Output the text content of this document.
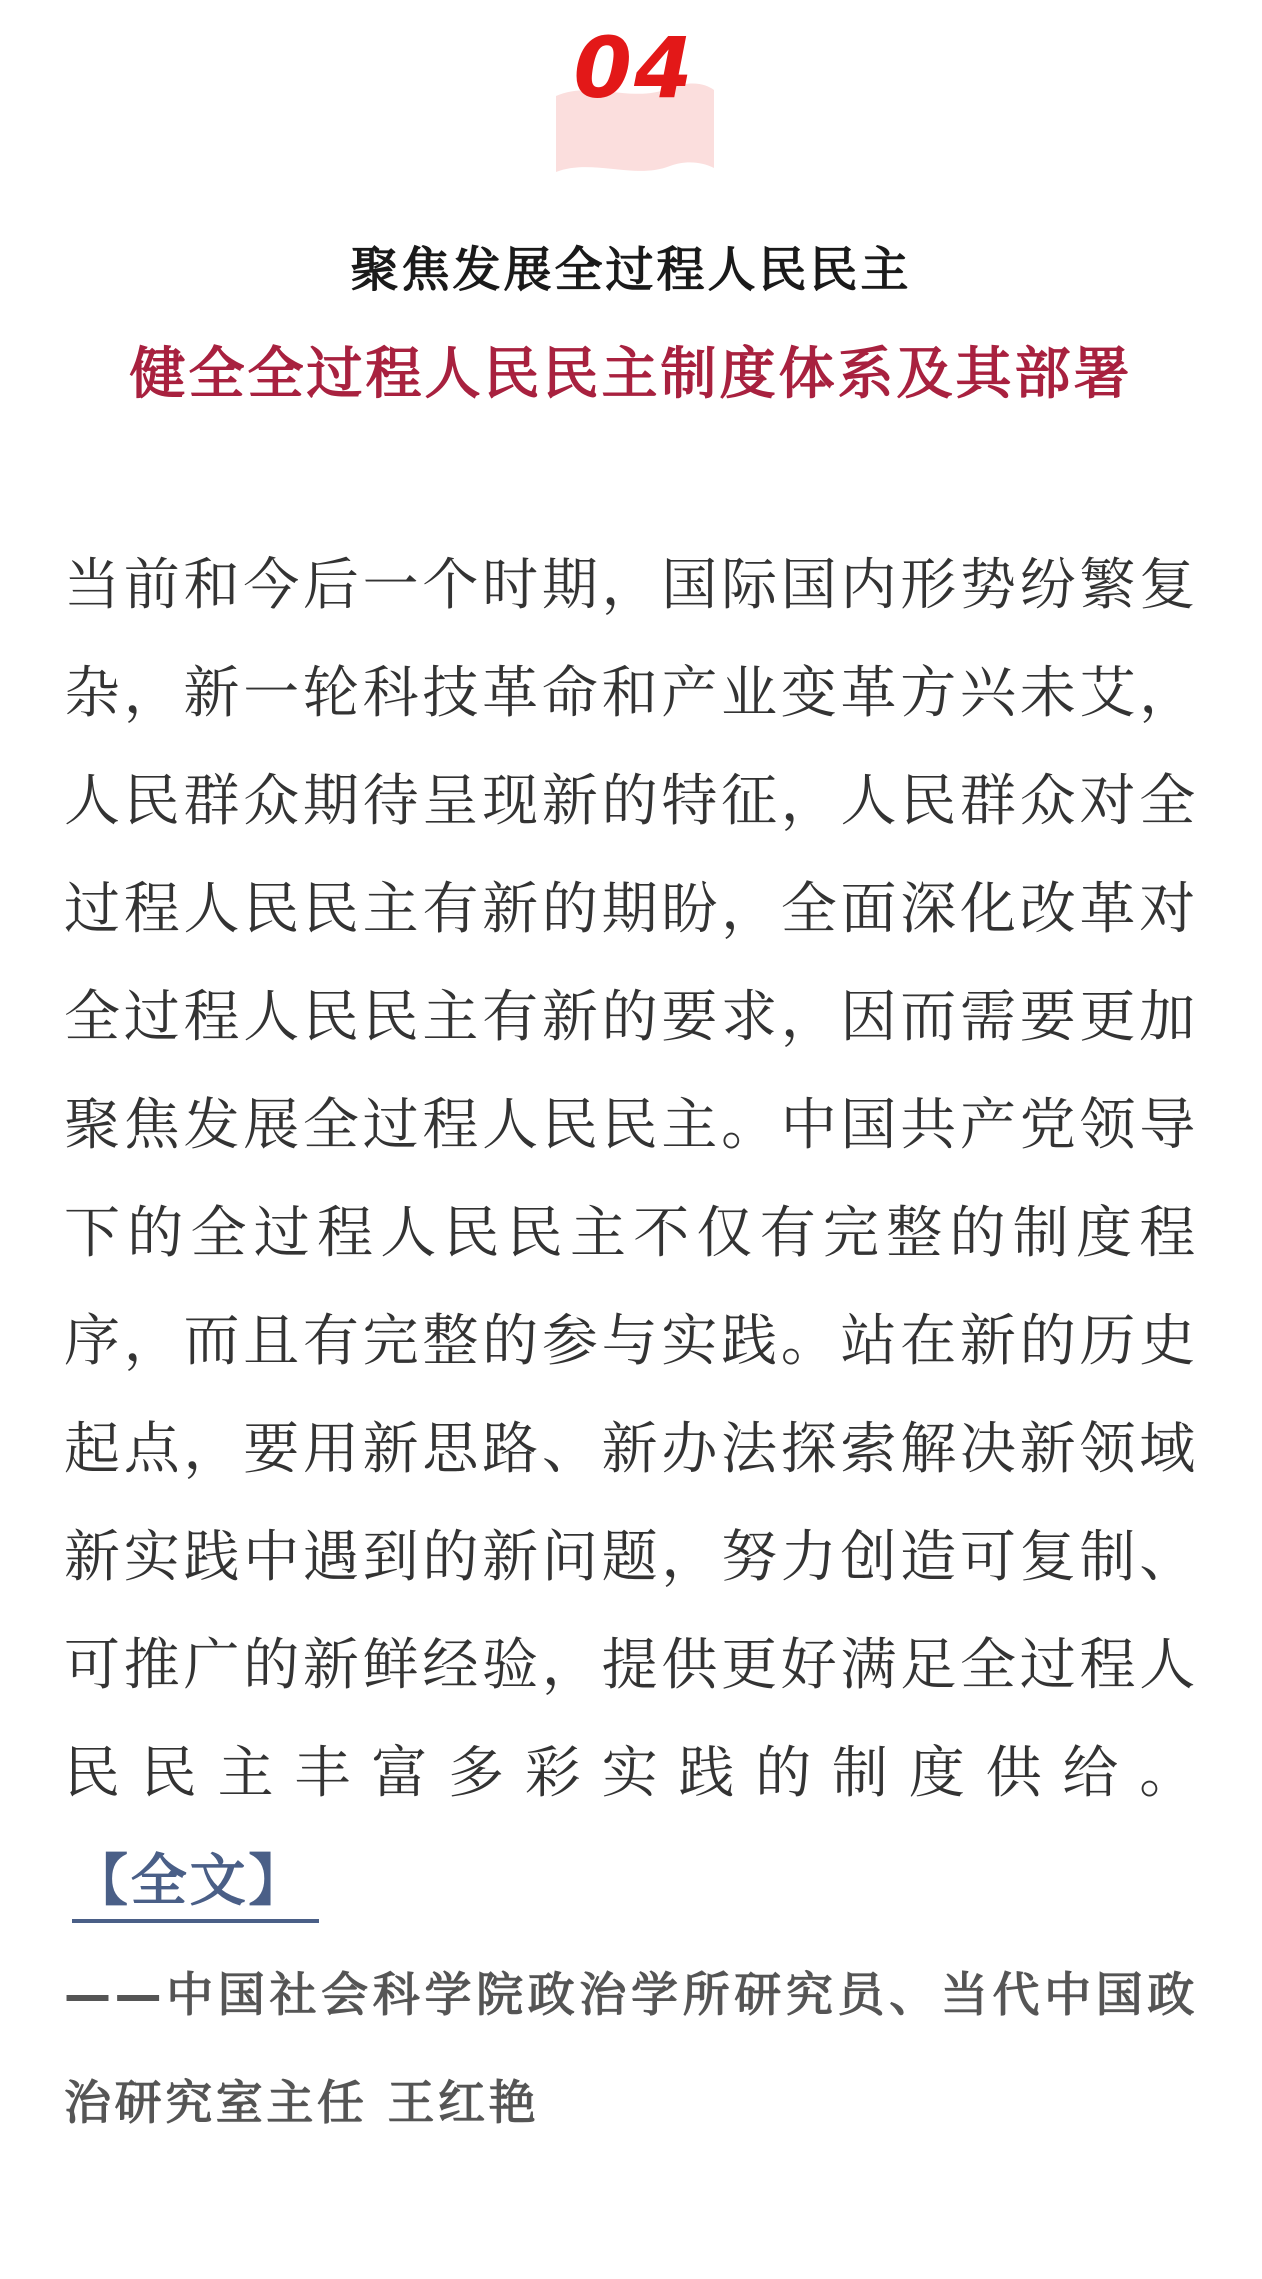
04
聚焦发展全过程人民民主
健全全过程人民民主制度体系及其部署

当前和今后一个时期，国际国内形势纷繁复杂，新一轮科技革命和产业变革方兴未艾，人民群众期待呈现新的特征，人民群众对全过程人民民主有新的期盼，全面深化改革对全过程人民民主有新的要求，因而需要更加聚焦发展全过程人民民主。中国共产党领导下的全过程人民民主不仅有完整的制度程序，而且有完整的参与实践。站在新的历史起点，要用新思路、新办法探索解决新领域新实践中遇到的新问题，努力创造可复制、可推广的新鲜经验，提供更好满足全过程人民民主丰富多彩实践的制度供给。【全文】

——中国社会科学院政治学所研究员、当代中国政治研究室主任 王红艳
